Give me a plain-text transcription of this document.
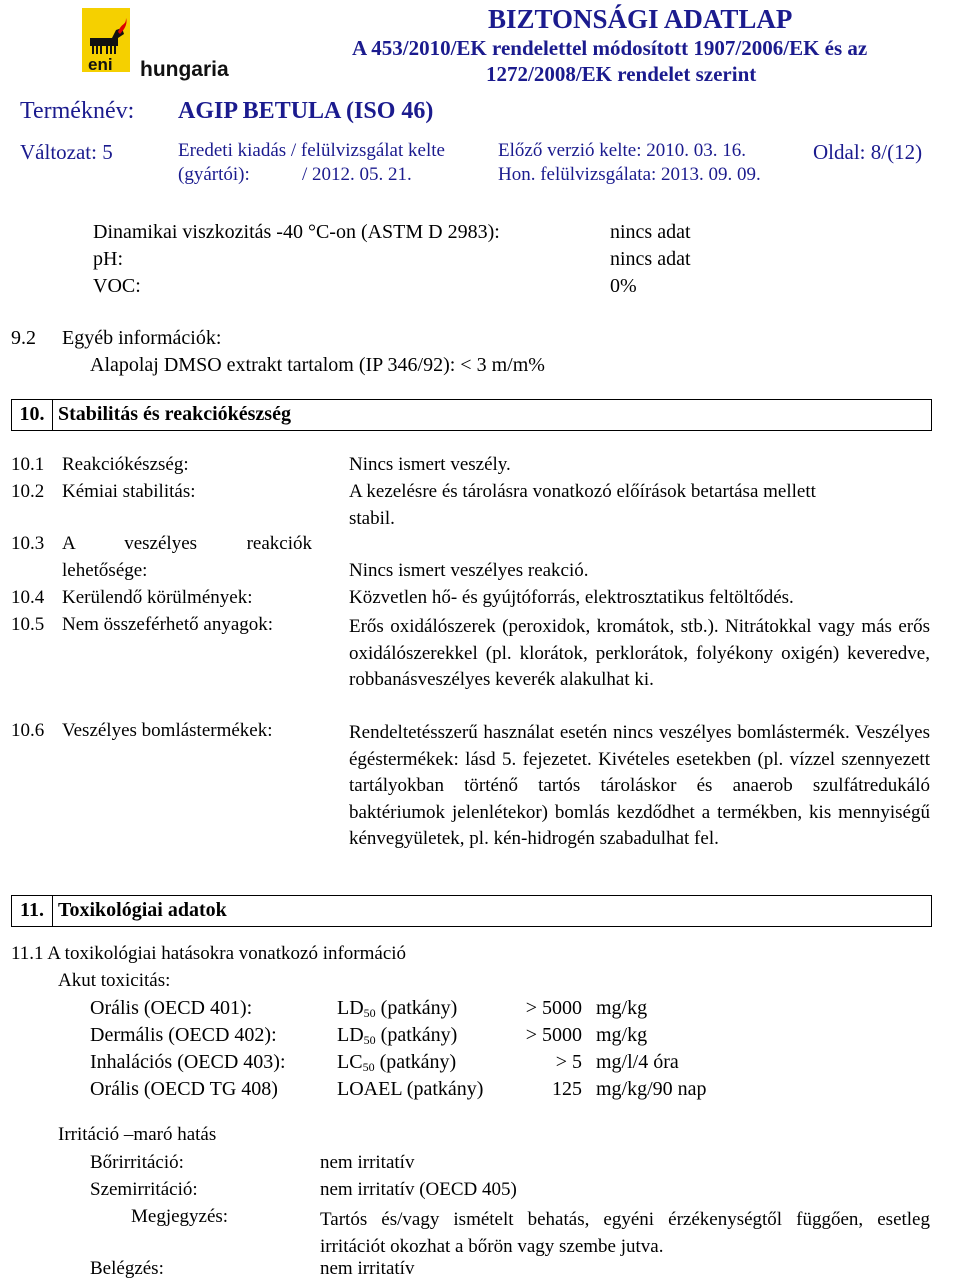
eni hungaria
BIZTONSÁGI ADATLAP
A 453/2010/EK rendelettel módosított 1907/2006/EK és az
1272/2008/EK rendelet szerint
Terméknév: AGIP BETULA (ISO 46)
Változat: 5	Eredeti kiadás / felülvizsgálat kelte
(gyártói):	/ 2012. 05. 21.
Előző verzió kelte: 2010. 03. 16.
Hon. felülvizsgálata: 2013. 09. 09.
Oldal: 8/(12)
Dinamikai viszkozitás -40 °C-on (ASTM D 2983):	nincs adat
pH:	nincs adat
VOC:	0%
9.2 Egyéb információk:
Alapolaj DMSO extrakt tartalom (IP 346/92): < 3 m/m%
10. Stabilitás és reakciókészség
10.1 Reakciókészség:	Nincs ismert veszély.
10.2 Kémiai stabilitás:	A kezelésre és tárolásra vonatkozó előírások betartása mellett
stabil.
10.3 A veszélyes reakciók
lehetősége:	Nincs ismert veszélyes reakció.
10.4 Kerülendő körülmények:	Közvetlen hő- és gyújtóforrás, elektrosztatikus feltöltődés.
10.5 Nem összeférhető anyagok:	Erős oxidálószerek (peroxidok, kromátok, stb.). Nitrátokkal vagy más erős oxidálószerekkel (pl. klorátok, perklorátok, folyékony oxigén) keveredve, robbanásveszélyes keverék alakulhat ki.
10.6 Veszélyes bomlástermékek:	Rendeltetésszerű használat esetén nincs veszélyes bomlástermék. Veszélyes égéstermékek: lásd 5. fejezetet. Kivételes esetekben (pl. vízzel szennyezett tartályokban történő tartós tároláskor és anaerob szulfátredukáló baktériumok jelenlétekor) bomlás kezdődhet a termékben, kis mennyiségű kénvegyületek, pl. kén-hidrogén szabadulhat fel.
11. Toxikológiai adatok
11.1 A toxikológiai hatásokra vonatkozó információ
Akut toxicitás:
Orális (OECD 401):	$LD_{50}$ (patkány)	> 5000 mg/kg
Dermális (OECD 402):	$LD_{50}$ (patkány)	> 5000 mg/kg
Inhalációs (OECD 403):	$LC_{50}$ (patkány)	> 5 mg/l/4 óra
Orális (OECD TG 408)	LOAEL (patkány)	125 mg/kg/90 nap
Irritáció –maró hatás
Bőrirritáció:	nem irritatív
Szemirritáció:	nem irritatív (OECD 405)
Megjegyzés:	Tartós és/vagy ismételt behatás, egyéni érzékenységtől függően, esetleg irritációt okozhat a bőrön vagy szembe jutva.
Belégzés:	nem irritatív
